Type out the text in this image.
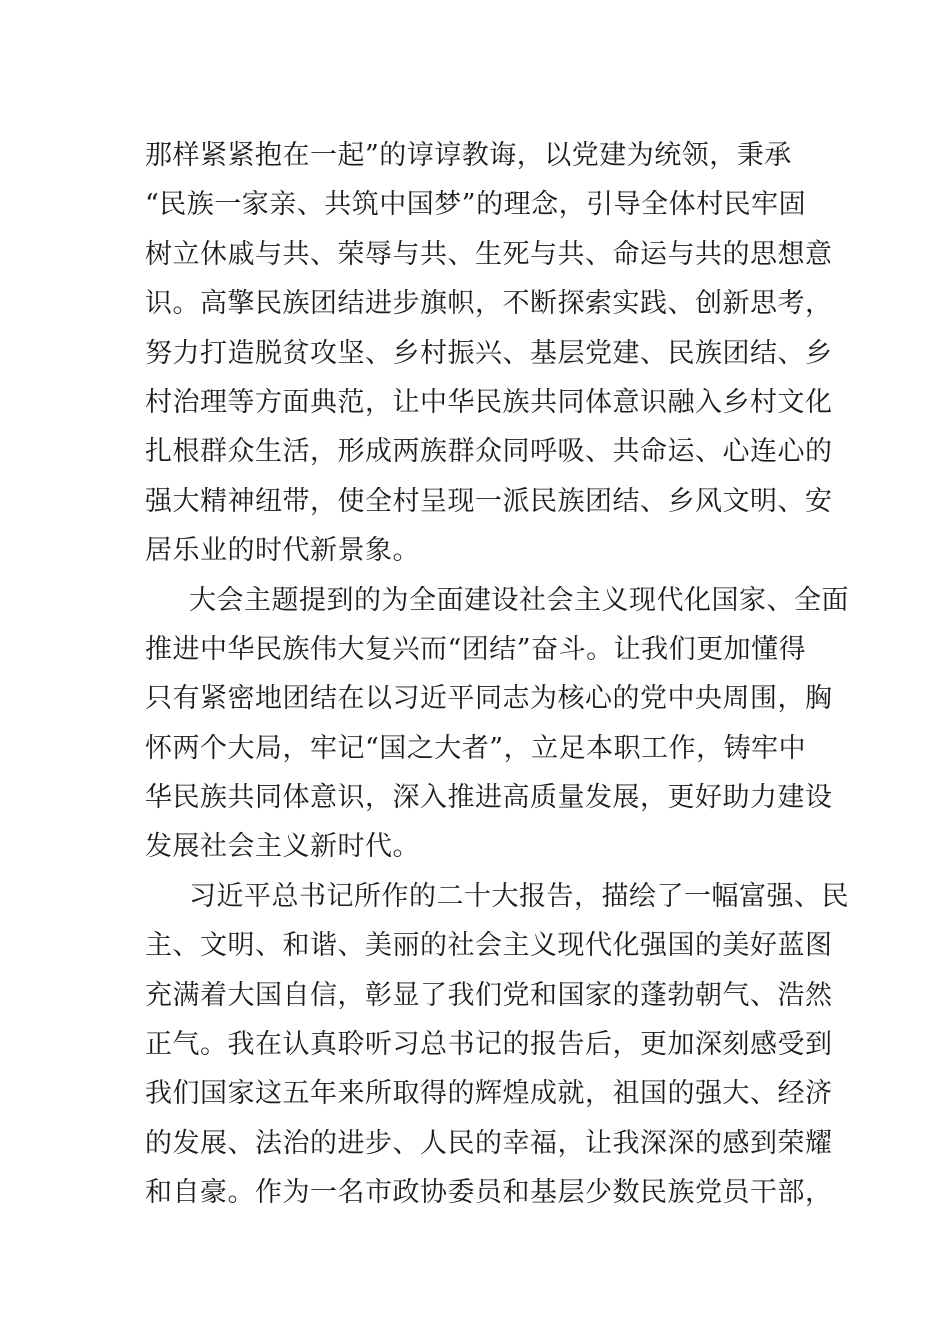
那样紧紧抱在一起”的谆谆教诲，以党建为统领，秉承
“民族一家亲、共筑中国梦”的理念，引导全体村民牢固
树立休戚与共、荣辱与共、生死与共、命运与共的思想意
识。高擎民族团结进步旗帜，不断探索实践、创新思考，
努力打造脱贫攻坚、乡村振兴、基层党建、民族团结、乡
村治理等方面典范，让中华民族共同体意识融入乡村文化
扎根群众生活，形成两族群众同呼吸、共命运、心连心的
强大精神纽带，使全村呈现一派民族团结、乡风文明、安
居乐业的时代新景象。
大会主题提到的为全面建设社会主义现代化国家、全面
推进中华民族伟大复兴而“团结”奋斗。让我们更加懂得
只有紧密地团结在以习近平同志为核心的党中央周围，胸
怀两个大局，牢记“国之大者”，立足本职工作，铸牢中
华民族共同体意识，深入推进高质量发展，更好助力建设
发展社会主义新时代。
习近平总书记所作的二十大报告，描绘了一幅富强、民
主、文明、和谐、美丽的社会主义现代化强国的美好蓝图
充满着大国自信，彰显了我们党和国家的蓬勃朝气、浩然
正气。我在认真聆听习总书记的报告后，更加深刻感受到
我们国家这五年来所取得的辉煌成就，祖国的强大、经济
的发展、法治的进步、人民的幸福，让我深深的感到荣耀
和自豪。作为一名市政协委员和基层少数民族党员干部，
